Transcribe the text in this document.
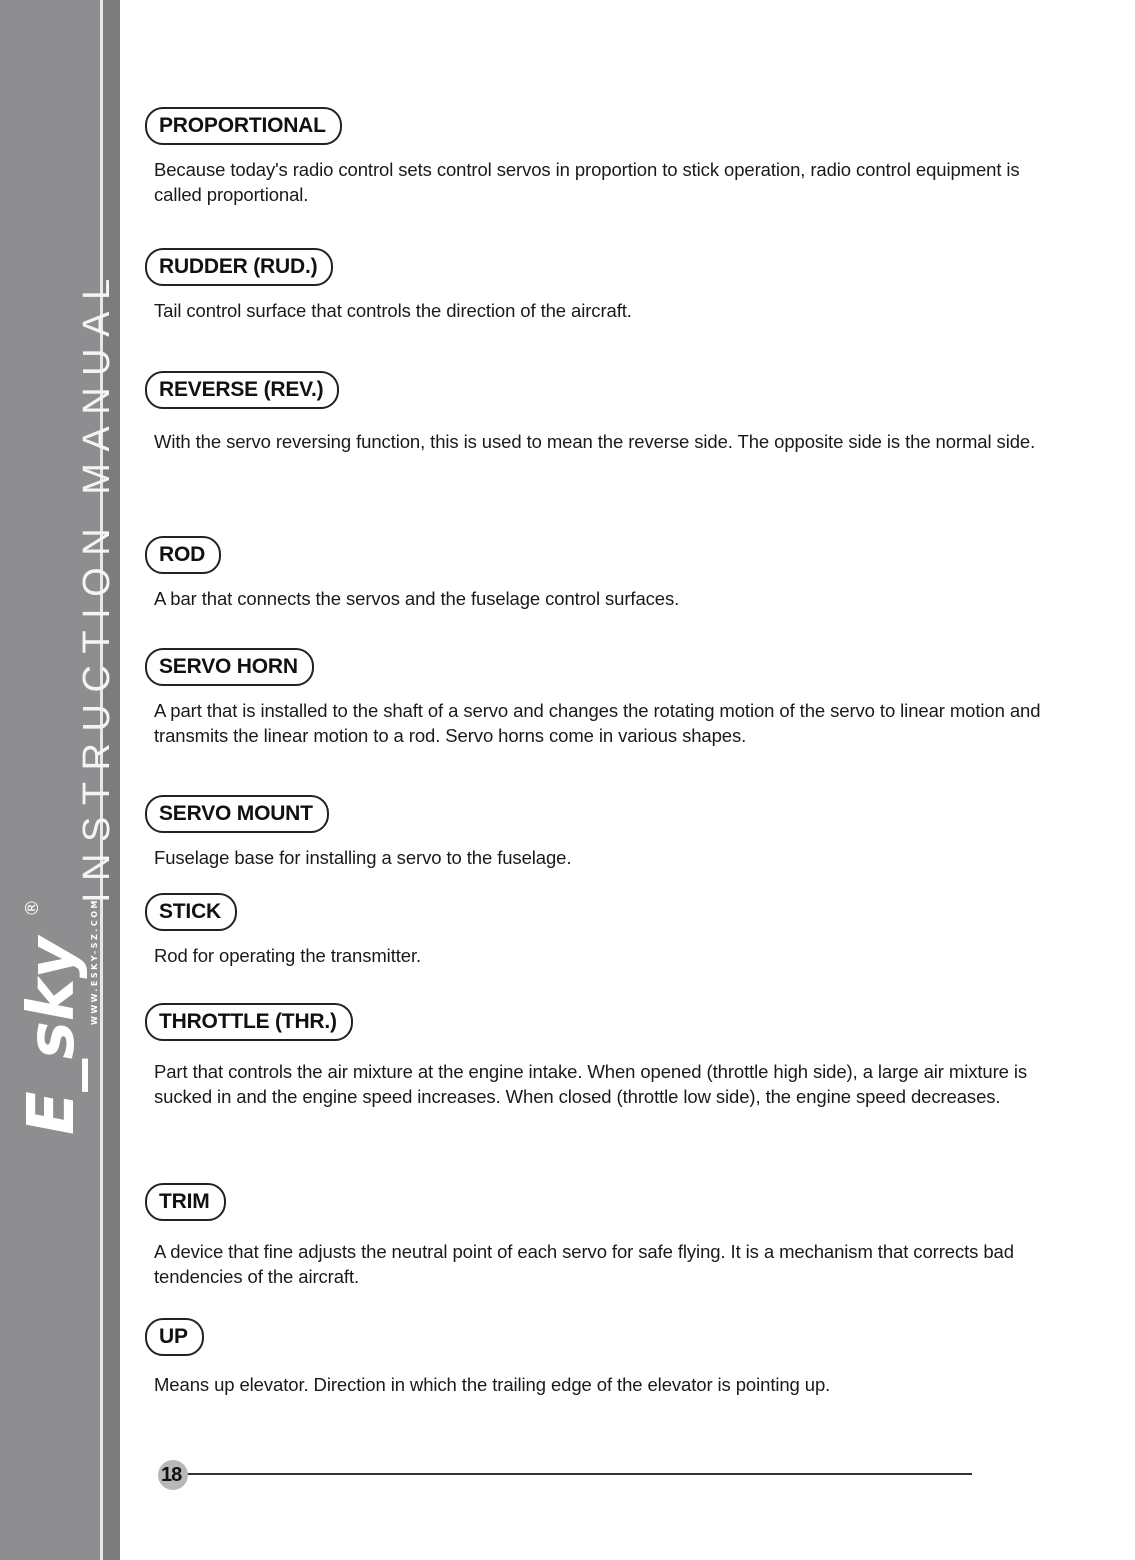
INSTRUCTION MANUAL
E_sky
®	WWW.ESKY-SZ.COM
PROPORTIONAL
Because today's radio control sets control servos in proportion to stick operation, radio control equipment is called proportional.
RUDDER (RUD.)
Tail control surface that controls the direction of the aircraft.
REVERSE (REV.)
With the servo reversing function, this is used to mean the reverse side. The opposite side is the normal side.
ROD
A bar that connects the servos and the fuselage control surfaces.
SERVO HORN
A part that is installed to the shaft of a servo and changes the rotating motion of the servo to linear motion and transmits the linear motion to a rod. Servo horns come in various shapes.
SERVO MOUNT
Fuselage base for installing a servo to the fuselage.
STICK
Rod for operating the transmitter.
THROTTLE (THR.)
Part that controls the air mixture at the engine intake. When opened (throttle high side), a large air mixture is sucked in and the engine speed increases. When closed (throttle low side), the engine speed decreases.
TRIM
A device that fine adjusts the neutral point of each servo for safe flying. It is a mechanism that corrects bad tendencies of the aircraft.
UP
Means up elevator. Direction in which the trailing edge of the elevator is pointing up.
18
